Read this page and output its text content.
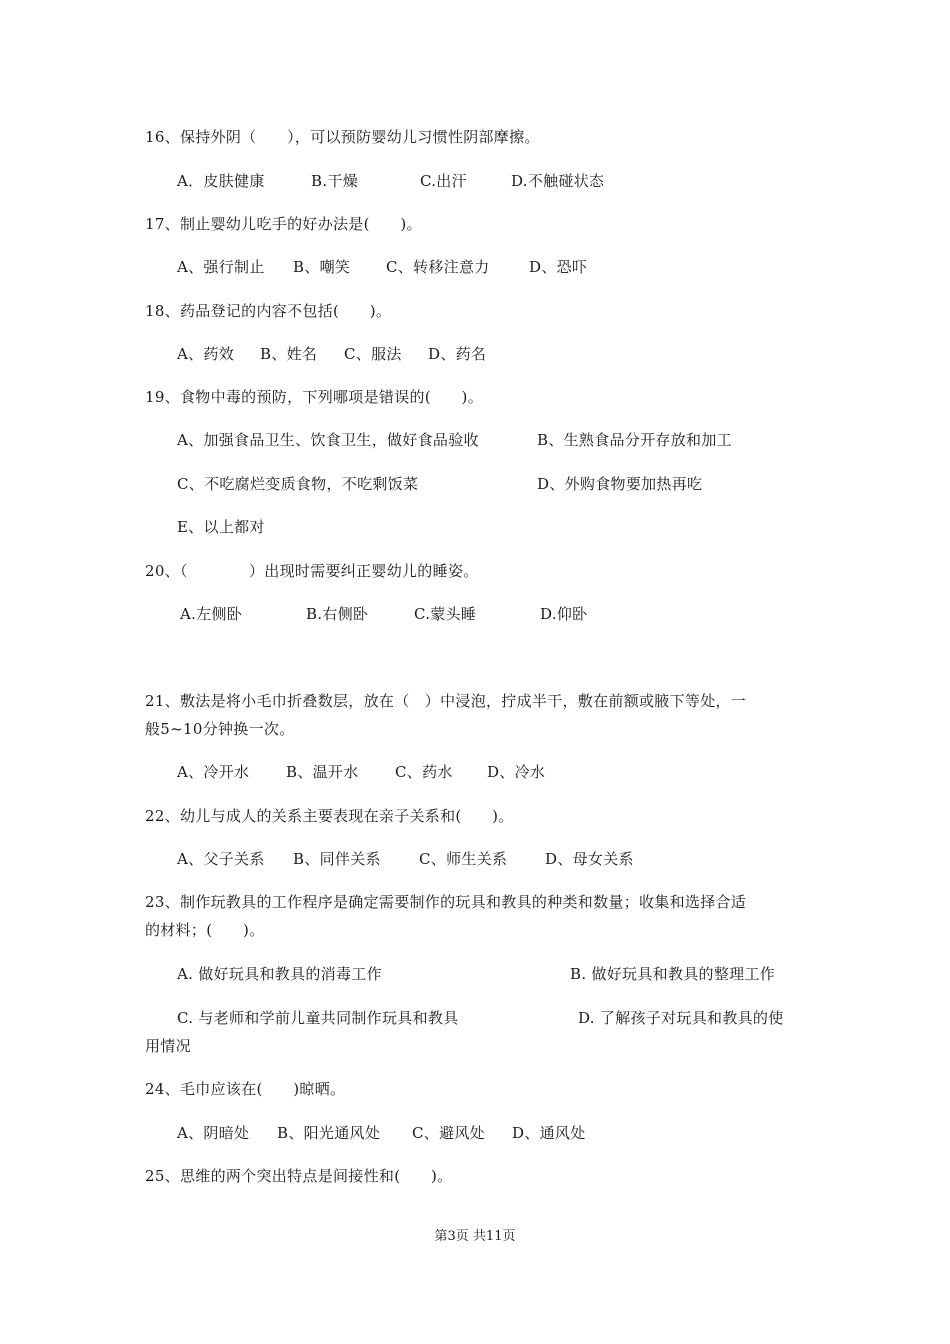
16、保持外阴（　　），可以预防婴幼儿习惯性阴部摩擦。
A．皮肤健康	B.干燥	C.出汗	D.不触碰状态
17、制止婴幼儿吃手的好办法是(　　)。
A、强行制止 B、嘲笑 C、转移注意力	D、恐吓
18、药品登记的内容不包括(　　)。
A、药效 B、姓名 C、服法 D、药名
19、食物中毒的预防，下列哪项是错误的(　　)。
A、加强食品卫生、饮食卫生，做好食品验收	B、生熟食品分开存放和加工
C、不吃腐烂变质食物，不吃剩饭菜	D、外购食物要加热再吃
E、以上都对
20、（　　　　）出现时需要纠正婴幼儿的睡姿。
A.左侧卧	B.右侧卧	C.蒙头睡	D.仰卧
21、敷法是将小毛巾折叠数层，放在（　）中浸泡，拧成半干，敷在前额或腋下等处，一
般5~10分钟换一次。
A、冷开水 B、温开水 C、药水 D、冷水
22、幼儿与成人的关系主要表现在亲子关系和(　　)。
A、父子关系 B、同伴关系	C、师生关系	D、母女关系
23、制作玩教具的工作程序是确定需要制作的玩具和教具的种类和数量；收集和选择合适
的材料；(　　)。
A. 做好玩具和教具的消毒工作	B. 做好玩具和教具的整理工作
C. 与老师和学前儿童共同制作玩具和教具	D. 了解孩子对玩具和教具的使
用情况
24、毛巾应该在(　　)晾晒。
A、阴暗处 B、阳光通风处 C、避风处 D、通风处
25、思维的两个突出特点是间接性和(　　)。
第3页 共11页
